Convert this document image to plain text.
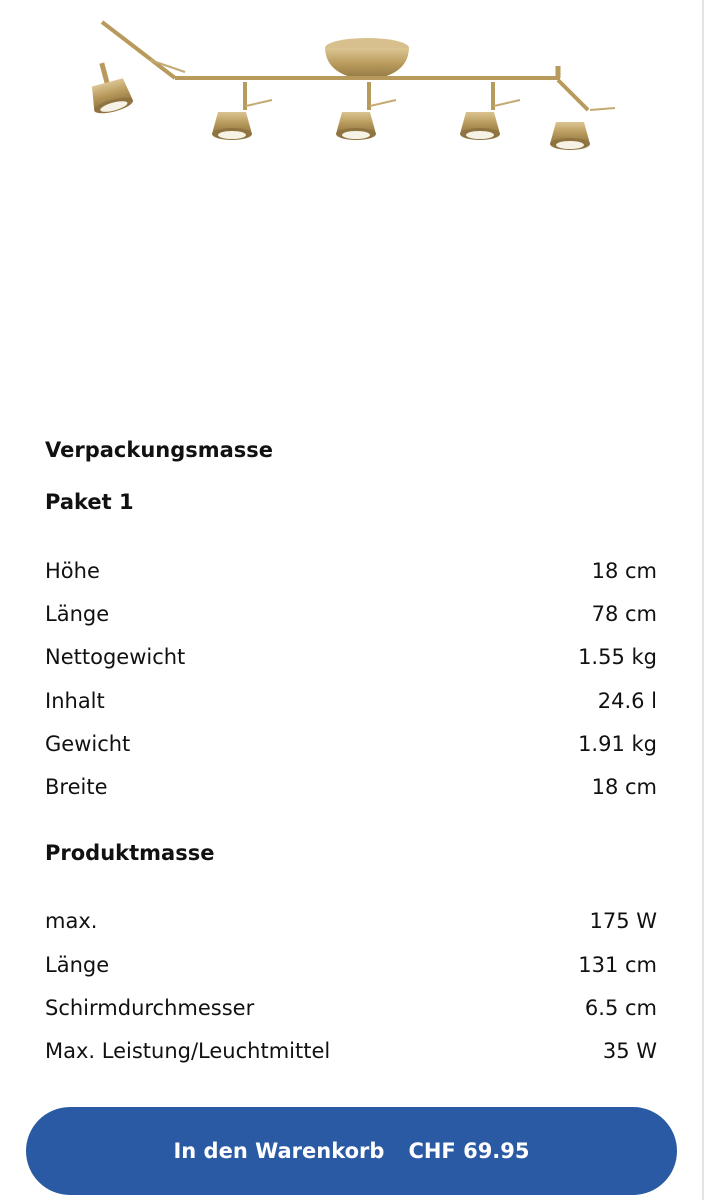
Verpackungsmasse
Paket 1
Höhe	18 cm
Länge	78 cm
Nettogewicht	1.55 kg
Inhalt	24.6 l
Gewicht	1.91 kg
Breite	18 cm
Produktmasse
max.	175 W
Länge	131 cm
Schirmdurchmesser	6.5 cm
Max. Leistung/Leuchtmittel	35 W
In den Warenkorb CHF 69.95
